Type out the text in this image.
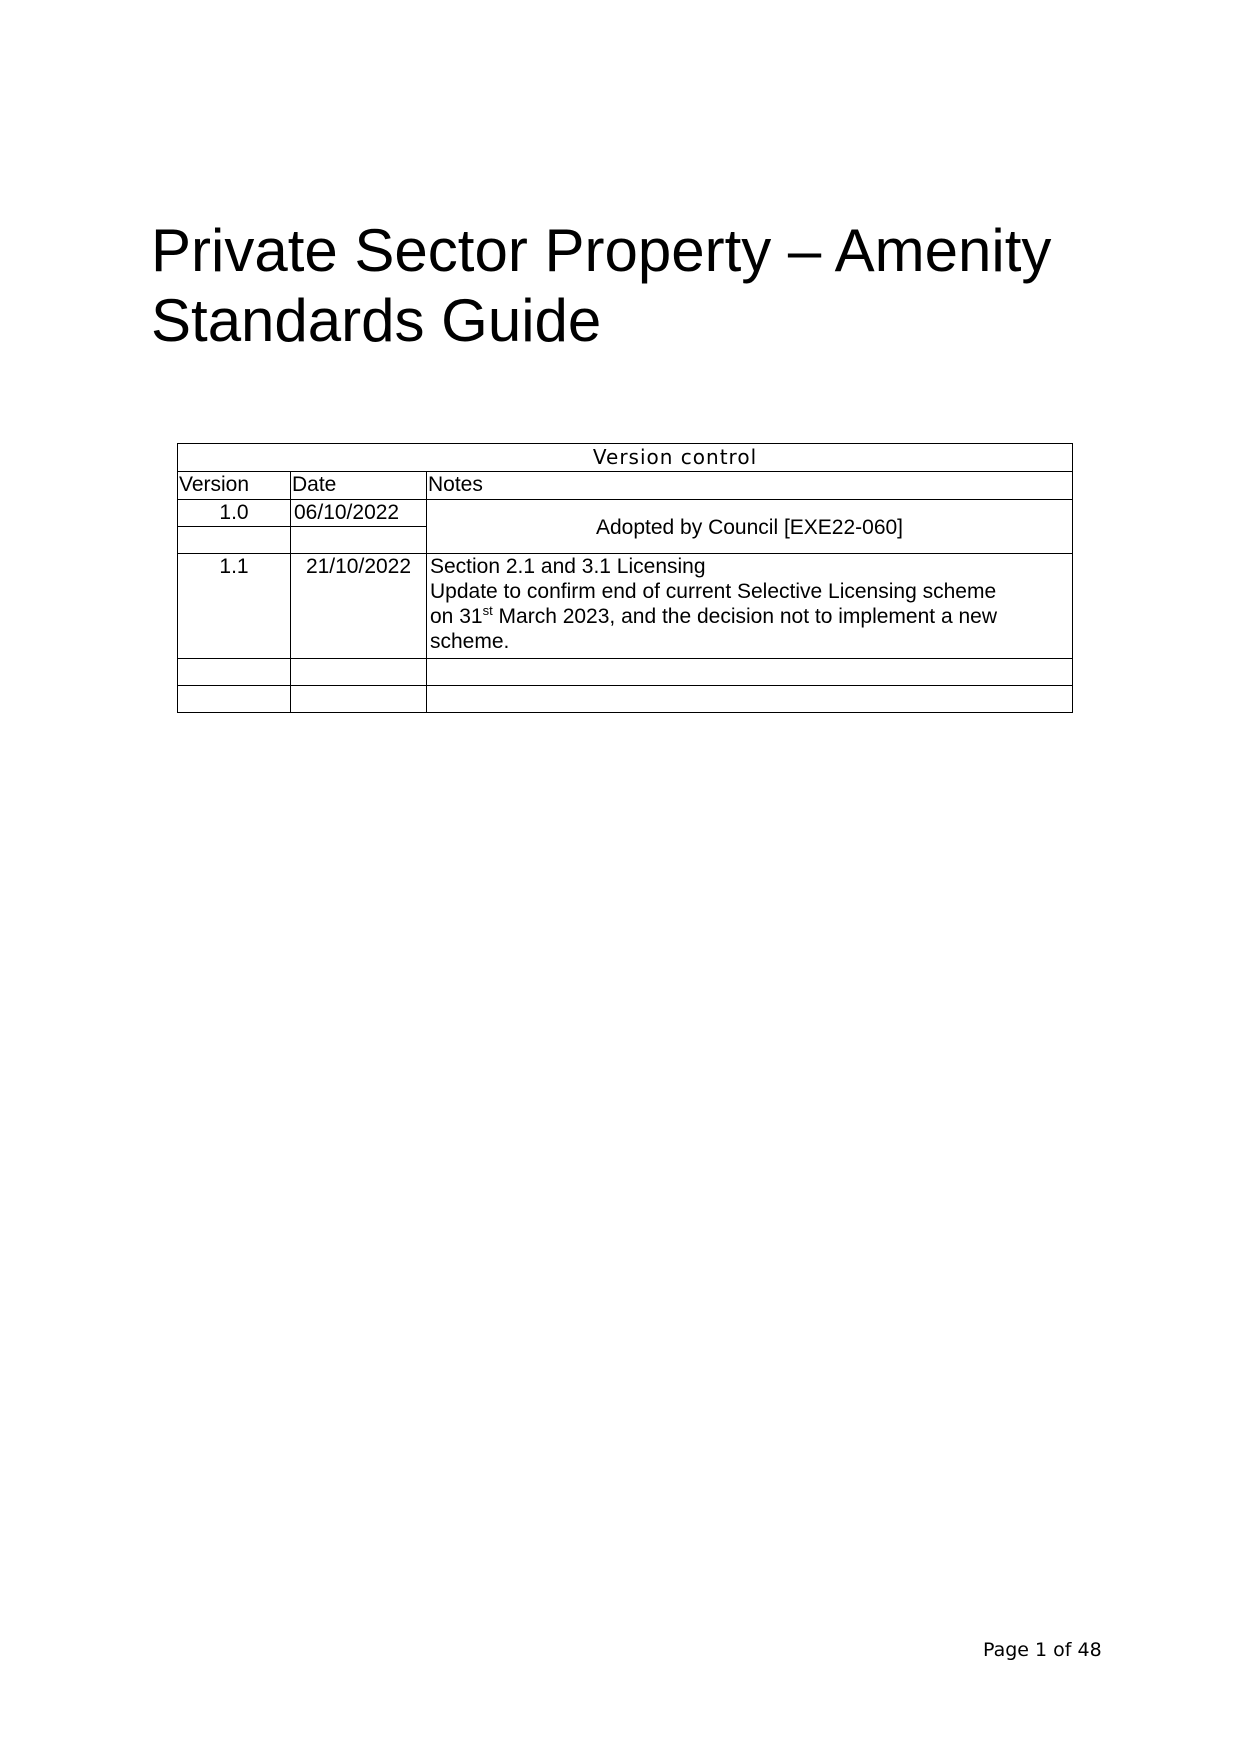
Private Sector Property – Amenity
Standards Guide
Version control		
Version	Date	Notes
1.0	06/10/2022	Adopted by Council [EXE22-060]

1.1	21/10/2022	Section 2.1 and 3.1 Licensing
Update to confirm end of current Selective Licensing scheme
on 31st March 2023, and the decision not to implement a new
scheme.

Page 1 of 48
